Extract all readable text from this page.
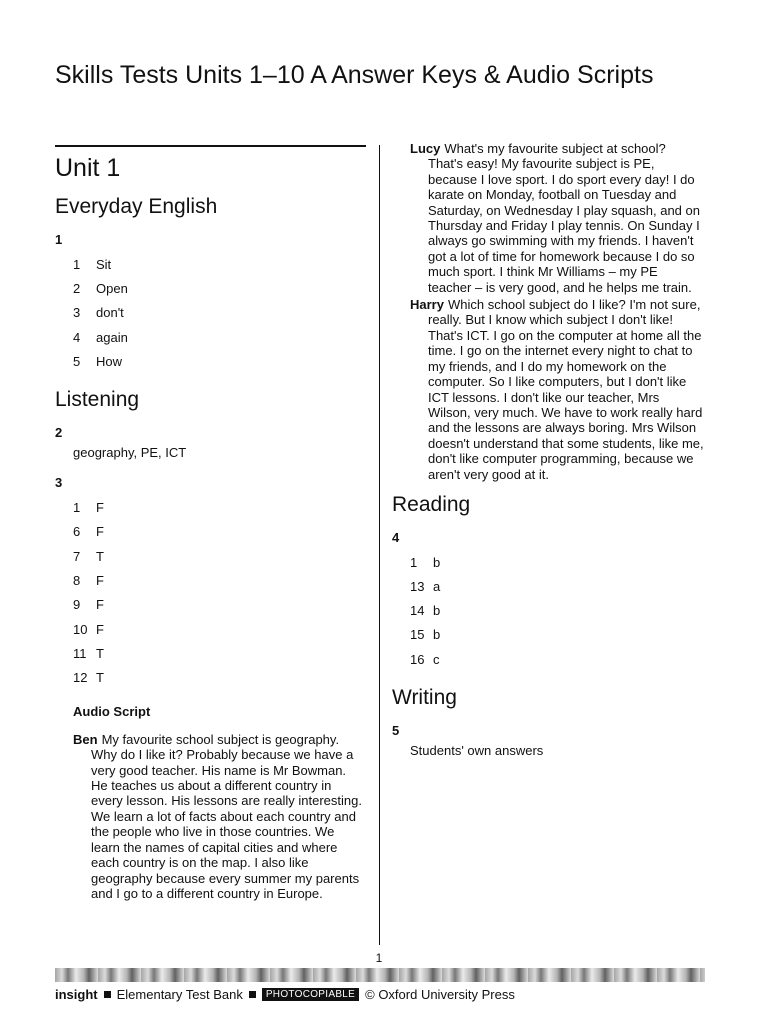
Skills Tests Units 1–10 A Answer Keys & Audio Scripts
Unit 1
Everyday English
1
1	Sit
2	Open
3	don't
4	again
5	How
Listening
2

geography, PE, ICT

3
1	F
6	F
7	T
8	F
9	F
10 F
11 T
12 T
Audio Script

Ben My favourite school subject is geography. Why do I like it? Probably because we have a very good teacher. His name is Mr Bowman. He teaches us about a different country in every lesson. His lessons are really interesting. We learn a lot of facts about each country and the people who live in those countries. We learn the names of capital cities and where each country is on the map. I also like geography because every summer my parents and I go to a different country in Europe.

Lucy What's my favourite subject at school? That's easy! My favourite subject is PE, because I love sport. I do sport every day! I do karate on Monday, football on Tuesday and Saturday, on Wednesday I play squash, and on Thursday and Friday I play tennis. On Sunday I always go swimming with my friends. I haven't got a lot of time for homework because I do so much sport. I think Mr Williams – my PE teacher – is very good, and he helps me train.

Harry Which school subject do I like? I'm not sure, really. But I know which subject I don't like! That's ICT. I go on the computer at home all the time. I go on the internet every night to chat to my friends, and I do my homework on the computer. So I like computers, but I don't like ICT lessons. I don't like our teacher, Mrs Wilson, very much. We have to work really hard and the lessons are always boring. Mrs Wilson doesn't understand that some students, like me, don't like computer programming, because we aren't very good at it.

Reading
4
1	b
13 a
14 b
15 b
16 c
Writing
5

Students' own answers

1
insight Elementary Test Bank	PHOTOCOPIABLE © Oxford University Press
